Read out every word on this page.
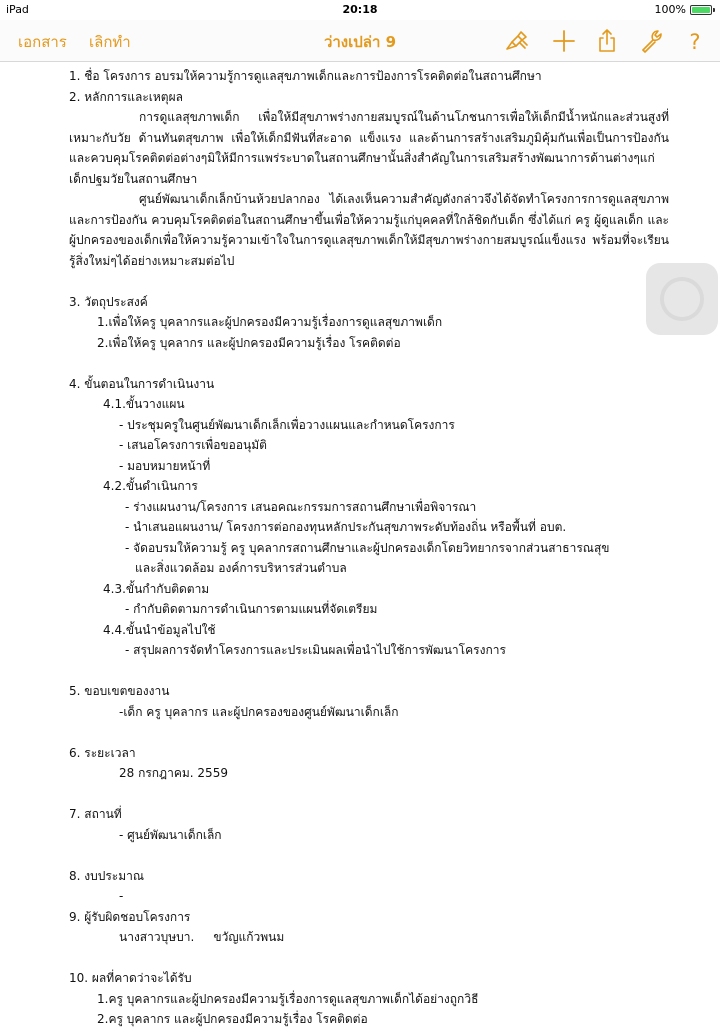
iPad	20:18	100%
เอกสาร เลิกทำ	ว่างเปล่า 9	?
1. ชื่อ โครงการ อบรมให้ความรู้การดูแลสุขภาพเด็กและการป้องการโรคติดต่อในสถานศึกษา
2. หลักการและเหตุผล
การดูแลสุขภาพเด็ก เพื่อให้มีสุขภาพร่างกายสมบูรณ์ในด้านโภชนการเพื่อให้เด็กมีน้ำหนักและส่วนสูงที่เหมาะกับวัย ด้านทันตสุขภาพ เพื่อให้เด็กมีฟันที่สะอาด แข็งแรง และด้านการสร้างเสริมภูมิคุ้มกันเพื่อเป็นการป้องกันและควบคุมโรคติดต่อต่างๆมิให้มีการแพร่ระบาดในสถานศึกษานั้นสิ่งสำคัญในการเสริมสร้างพัฒนาการด้านต่างๆแก่เด็กปฐมวัยในสถานศึกษา
ศูนย์พัฒนาเด็กเล็กบ้านห้วยปลากอง ได้เลงเห็นความสำคัญดังกล่าวจึงได้จัดทำโครงการการดูแลสุขภาพและการป้องกัน ควบคุมโรคติดต่อในสถานศึกษาขึ้นเพื่อให้ความรู้แก่บุคคลที่ใกล้ชิดกับเด็ก ซึ่งได้แก่ ครู ผู้ดูแลเด็ก และผู้ปกครองของเด็กเพื่อให้ความรู้ความเข้าใจในการดูแลสุขภาพเด็กให้มีสุขภาพร่างกายสมบูรณ์แข็งแรง พร้อมที่จะเรียนรู้สิ่งใหม่ๆได้อย่างเหมาะสมต่อไป
3. วัตถุประสงค์
1.เพื่อให้ครู บุคลากรและผู้ปกครองมีความรู้เรื่องการดูแลสุขภาพเด็ก
2.เพื่อให้ครู บุคลากร และผู้ปกครองมีความรู้เรื่อง โรคติดต่อ
4. ขั้นตอนในการดำเนินงาน
4.1.ขั้นวางแผน
- ประชุมครูในศูนย์พัฒนาเด็กเล็กเพื่อวางแผนและกำหนดโครงการ
- เสนอโครงการเพื่อขออนุมัติ
- มอบหมายหน้าที่
4.2.ขั้นดำเนินการ
- ร่างแผนงาน/โครงการ เสนอคณะกรรมการสถานศึกษาเพื่อพิจารณา
- นำเสนอแผนงาน/ โครงการต่อกองทุนหลักประกันสุขภาพระดับท้องถิ่น หรือพื้นที่ อบต.
- จัดอบรมให้ความรู้ ครู บุคลากรสถานศึกษาและผู้ปกครองเด็กโดยวิทยากรจากส่วนสาธารณสุข
และสิ่งแวดล้อม องค์การบริหารส่วนตำบล
4.3.ขั้นกำกับติดตาม
- กำกับติดตามการดำเนินการตามแผนที่จัดเตรียม
4.4.ขั้นนำข้อมูลไปใช้
- สรุปผลการจัดทำโครงการและประเมินผลเพื่อนำไปใช้การพัฒนาโครงการ
5. ขอบเขตของงาน
-เด็ก ครู บุคลากร และผู้ปกครองของศูนย์พัฒนาเด็กเล็ก
6. ระยะเวลา
28 กรกฎาคม. 2559
7. สถานที่
- ศูนย์พัฒนาเด็กเล็ก
8. งบประมาณ
-
9. ผู้รับผิดชอบโครงการ
นางสาวบุษบา.     ขวัญแก้วพนม
10. ผลที่คาดว่าจะได้รับ
1.ครู บุคลากรและผู้ปกครองมีความรู้เรื่องการดูแลสุขภาพเด็กได้อย่างถูกวิธี
2.ครู บุคลากร และผู้ปกครองมีความรู้เรื่อง โรคติดต่อ
